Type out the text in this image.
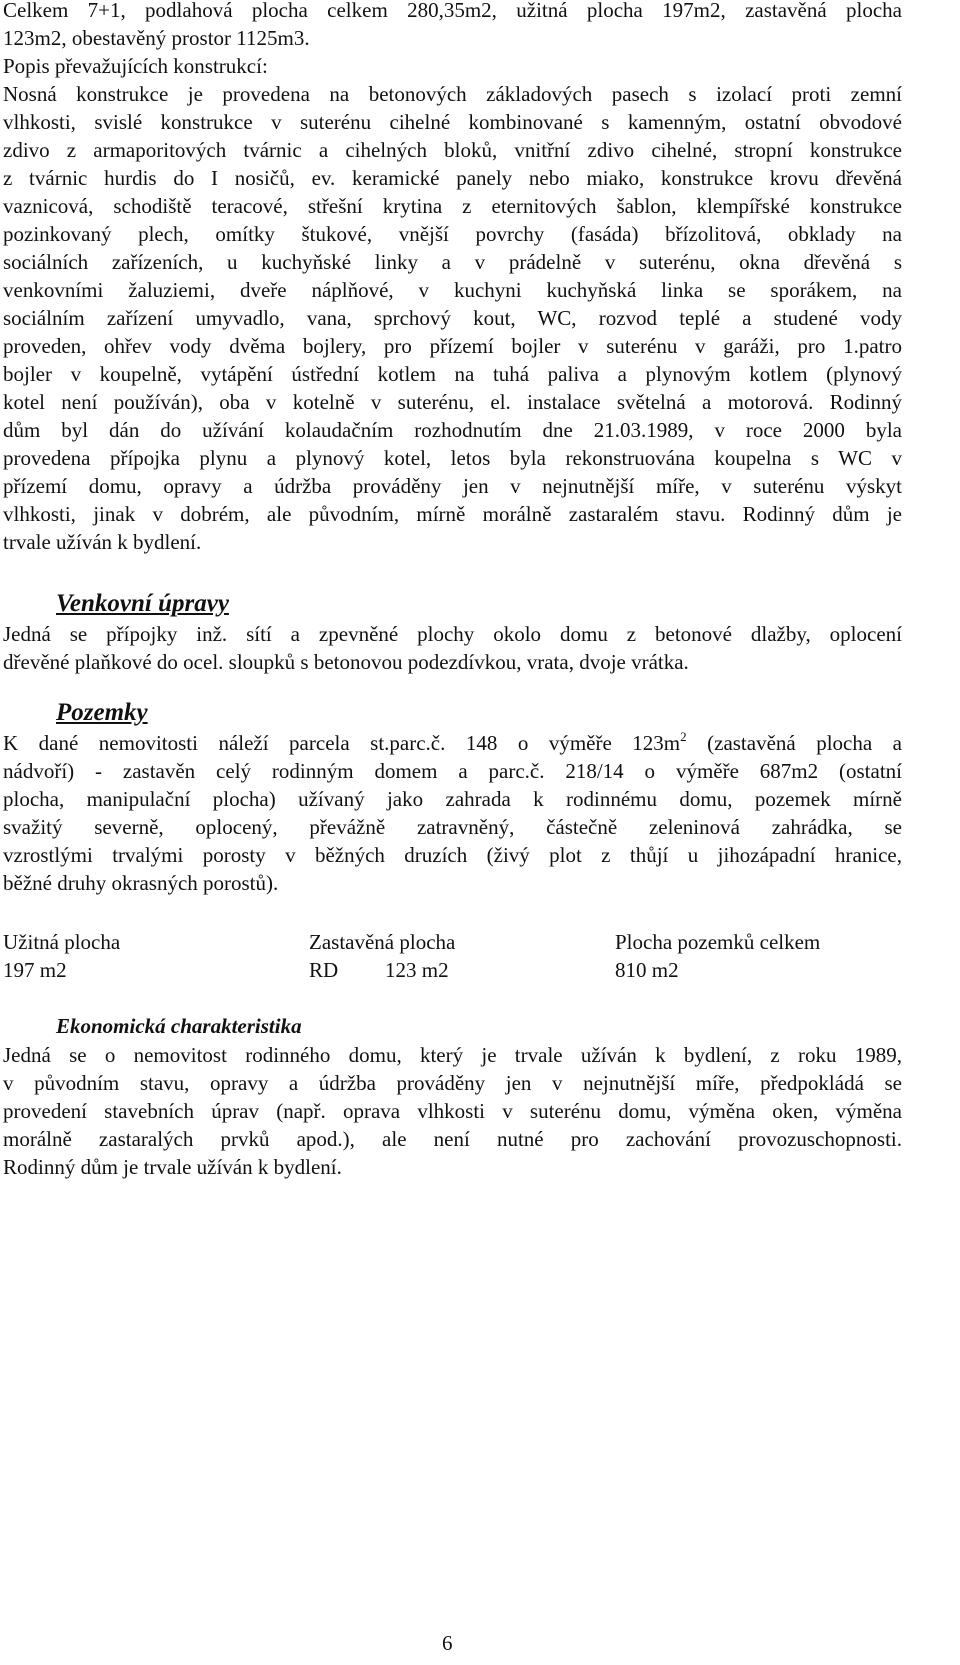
Celkem 7+1, podlahová plocha celkem 280,35m2, užitná plocha 197m2, zastavěná plocha
123m2, obestavěný prostor 1125m3.
Popis převažujících konstrukcí:
Nosná konstrukce je provedena na betonových základových pasech s izolací proti zemní
vlhkosti, svislé konstrukce v suterénu cihelné kombinované s kamenným, ostatní obvodové
zdivo z armaporitových tvárnic a cihelných bloků, vnitřní zdivo cihelné, stropní konstrukce
z tvárnic hurdis do I nosičů, ev. keramické panely nebo miako, konstrukce krovu dřevěná
vaznicová, schodiště teracové, střešní krytina z eternitových šablon, klempířské konstrukce
pozinkovaný plech, omítky štukové, vnější povrchy (fasáda) břízolitová, obklady na
sociálních zařízeních, u kuchyňské linky a v prádelně v suterénu, okna dřevěná s
venkovními žaluziemi, dveře náplňové, v kuchyni kuchyňská linka se sporákem, na
sociálním zařízení umyvadlo, vana, sprchový kout, WC, rozvod teplé a studené vody
proveden, ohřev vody dvěma bojlery, pro přízemí bojler v suterénu v garáži, pro 1.patro
bojler v koupelně, vytápění ústřední kotlem na tuhá paliva a plynovým kotlem (plynový
kotel není používán), oba v kotelně v suterénu, el. instalace světelná a motorová. Rodinný
dům byl dán do užívání kolaudačním rozhodnutím dne 21.03.1989, v roce 2000 byla
provedena přípojka plynu a plynový kotel, letos byla rekonstruována koupelna s WC v
přízemí domu, opravy a údržba prováděny jen v nejnutnější míře, v suterénu výskyt
vlhkosti, jinak v dobrém, ale původním, mírně morálně zastaralém stavu. Rodinný dům je
trvale užíván k bydlení.
Venkovní úpravy
Jedná se přípojky inž. sítí a zpevněné plochy okolo domu z betonové dlažby, oplocení
dřevěné plaňkové do ocel. sloupků s betonovou podezdívkou, vrata, dvoje vrátka.
Pozemky
K dané nemovitosti náleží parcela st.parc.č. 148 o výměře $123m^2$ (zastavěná plocha a
nádvoří) - zastavěn celý rodinným domem a parc.č. 218/14 o výměře 687m2 (ostatní
plocha, manipulační plocha) užívaný jako zahrada k rodinnému domu, pozemek mírně
svažitý severně, oplocený, převážně zatravněný, částečně zeleninová zahrádka, se
vzrostlými trvalými porosty v běžných druzích (živý plot z thůjí u jihozápadní hranice,
běžné druhy okrasných porostů).
Užitná plocha	Zastavěná plocha	Plocha pozemků celkem
197 m2	RD 123 m2	810 m2
Ekonomická charakteristika
Jedná se o nemovitost rodinného domu, který je trvale užíván k bydlení, z roku 1989,
v původním stavu, opravy a údržba prováděny jen v nejnutnější míře, předpokládá se
provedení stavebních úprav (např. oprava vlhkosti v suterénu domu, výměna oken, výměna
morálně zastaralých prvků apod.), ale není nutné pro zachování provozuschopnosti.
Rodinný dům je trvale užíván k bydlení.
6
